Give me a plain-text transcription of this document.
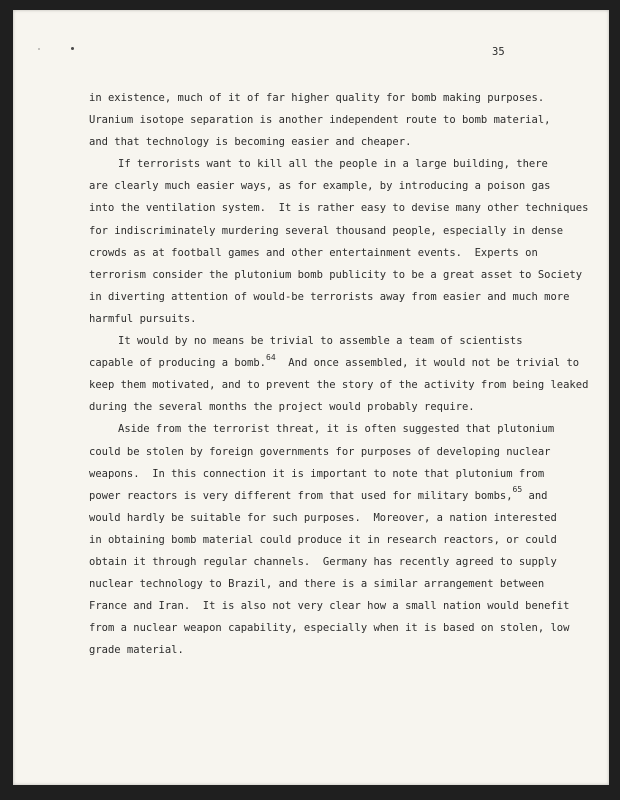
35
in existence, much of it of far higher quality for bomb making purposes.
Uranium isotope separation is another independent route to bomb material,
and that technology is becoming easier and cheaper.
If terrorists want to kill all the people in a large building, there
are clearly much easier ways, as for example, by introducing a poison gas
into the ventilation system.  It is rather easy to devise many other techniques
for indiscriminately murdering several thousand people, especially in dense
crowds as at football games and other entertainment events.  Experts on
terrorism consider the plutonium bomb publicity to be a great asset to Society
in diverting attention of would-be terrorists away from easier and much more
harmful pursuits.
It would by no means be trivial to assemble a team of scientists
capable of producing a bomb.$^{64}$  And once assembled, it would not be trivial to
keep them motivated, and to prevent the story of the activity from being leaked
during the several months the project would probably require.
Aside from the terrorist threat, it is often suggested that plutonium
could be stolen by foreign governments for purposes of developing nuclear
weapons.  In this connection it is important to note that plutonium from
power reactors is very different from that used for military bombs,$^{65}$ and
would hardly be suitable for such purposes.  Moreover, a nation interested
in obtaining bomb material could produce it in research reactors, or could
obtain it through regular channels.  Germany has recently agreed to supply
nuclear technology to Brazil, and there is a similar arrangement between
France and Iran.  It is also not very clear how a small nation would benefit
from a nuclear weapon capability, especially when it is based on stolen, low
grade material.
